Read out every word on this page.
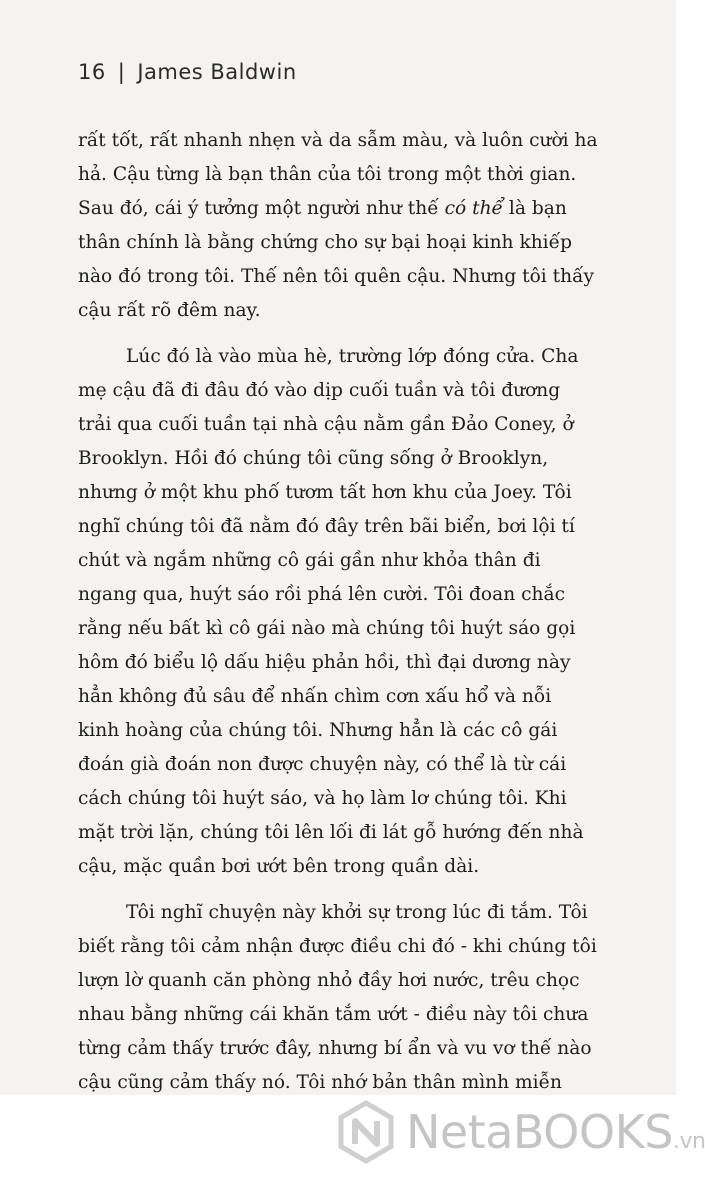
16 | James Baldwin

rất tốt, rất nhanh nhẹn và da sẫm màu, và luôn cười ha
hả. Cậu từng là bạn thân của tôi trong một thời gian.
Sau đó, cái ý tưởng một người như thế có thể là bạn
thân chính là bằng chứng cho sự bại hoại kinh khiếp
nào đó trong tôi. Thế nên tôi quên cậu. Nhưng tôi thấy
cậu rất rõ đêm nay.

Lúc đó là vào mùa hè, trường lớp đóng cửa. Cha
mẹ cậu đã đi đâu đó vào dịp cuối tuần và tôi đương
trải qua cuối tuần tại nhà cậu nằm gần Đảo Coney, ở
Brooklyn. Hồi đó chúng tôi cũng sống ở Brooklyn,
nhưng ở một khu phố tươm tất hơn khu của Joey. Tôi
nghĩ chúng tôi đã nằm đó đây trên bãi biển, bơi lội tí
chút và ngắm những cô gái gần như khỏa thân đi
ngang qua, huýt sáo rồi phá lên cười. Tôi đoan chắc
rằng nếu bất kì cô gái nào mà chúng tôi huýt sáo gọi
hôm đó biểu lộ dấu hiệu phản hồi, thì đại dương này
hẳn không đủ sâu để nhấn chìm cơn xấu hổ và nỗi
kinh hoàng của chúng tôi. Nhưng hẳn là các cô gái
đoán già đoán non được chuyện này, có thể là từ cái
cách chúng tôi huýt sáo, và họ làm lơ chúng tôi. Khi
mặt trời lặn, chúng tôi lên lối đi lát gỗ hướng đến nhà
cậu, mặc quần bơi ướt bên trong quần dài.

Tôi nghĩ chuyện này khởi sự trong lúc đi tắm. Tôi
biết rằng tôi cảm nhận được điều chi đó - khi chúng tôi
lượn lờ quanh căn phòng nhỏ đầy hơi nước, trêu chọc
nhau bằng những cái khăn tắm ướt - điều này tôi chưa
từng cảm thấy trước đây, nhưng bí ẩn và vu vơ thế nào
cậu cũng cảm thấy nó. Tôi nhớ bản thân mình miễn

NetaBOOKS.vn
